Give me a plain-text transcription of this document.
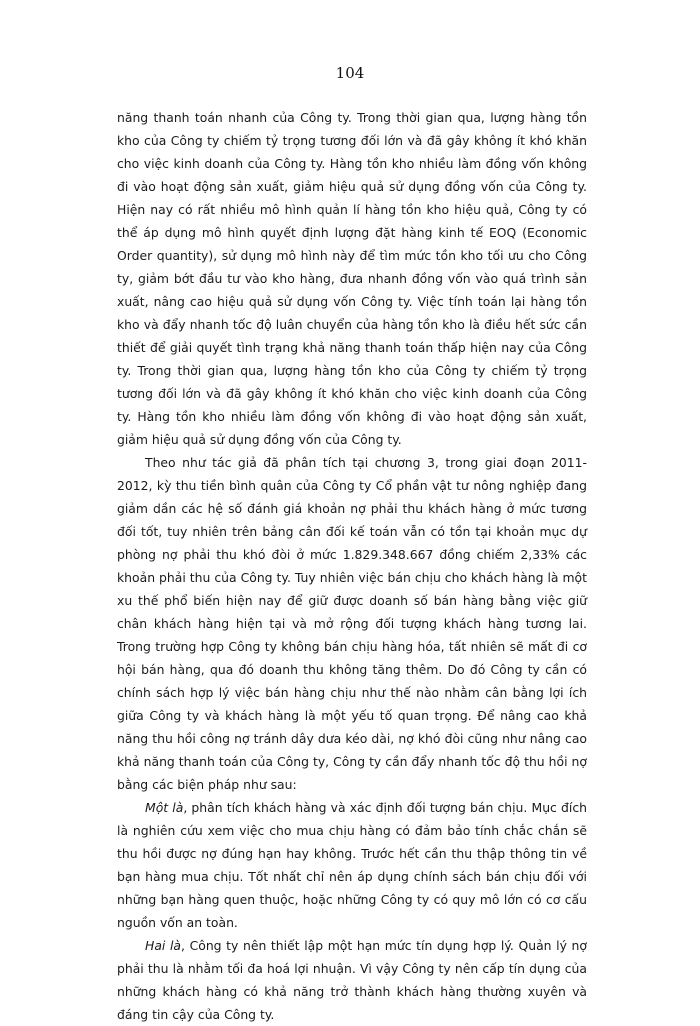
104

năng thanh toán nhanh của Công ty. Trong thời gian qua, lượng hàng tồn kho của Công ty chiếm tỷ trọng tương đối lớn và đã gây không ít khó khăn cho việc kinh doanh của Công ty. Hàng tồn kho nhiều làm đồng vốn không đi vào hoạt động sản xuất, giảm hiệu quả sử dụng đồng vốn của Công ty. Hiện nay có rất nhiều mô hình quản lí hàng tồn kho hiệu quả, Công ty có thể áp dụng mô hình quyết định lượng đặt hàng kinh tế EOQ (Economic Order quantity), sử dụng mô hình này để tìm mức tồn kho tối ưu cho Công ty, giảm bớt đầu tư vào kho hàng, đưa nhanh đồng vốn vào quá trình sản xuất, nâng cao hiệu quả sử dụng vốn Công ty. Việc tính toán lại hàng tồn kho và đẩy nhanh tốc độ luân chuyển của hàng tồn kho là điều hết sức cần thiết để giải quyết tình trạng khả năng thanh toán thấp hiện nay của Công ty. Trong thời gian qua, lượng hàng tồn kho của Công ty chiếm tỷ trọng tương đối lớn và đã gây không ít khó khăn cho việc kinh doanh của Công ty. Hàng tồn kho nhiều làm đồng vốn không đi vào hoạt động sản xuất, giảm hiệu quả sử dụng đồng vốn của Công ty.

Theo như tác giả đã phân tích tại chương 3, trong giai đoạn 2011-2012, kỳ thu tiền bình quân của Công ty Cổ phần vật tư nông nghiệp đang giảm dần các hệ số đánh giá khoản nợ phải thu khách hàng ở mức tương đối tốt, tuy nhiên trên bảng cân đối kế toán vẫn có tồn tại khoản mục dự phòng nợ phải thu khó đòi ở mức 1.829.348.667 đồng chiếm 2,33% các khoản phải thu của Công ty. Tuy nhiên việc bán chịu cho khách hàng là một xu thế phổ biến hiện nay để giữ được doanh số bán hàng bằng việc giữ chân khách hàng hiện tại và mở rộng đối tượng khách hàng tương lai. Trong trường hợp Công ty không bán chịu hàng hóa, tất nhiên sẽ mất đi cơ hội bán hàng, qua đó doanh thu không tăng thêm. Do đó Công ty cần có chính sách hợp lý việc bán hàng chịu như thế nào nhằm cân bằng lợi ích giữa Công ty và khách hàng là một yếu tố quan trọng. Để nâng cao khả năng thu hồi công nợ tránh dây dưa kéo dài, nợ khó đòi cũng như nâng cao khả năng thanh toán của Công ty, Công ty cần đẩy nhanh tốc độ thu hồi nợ bằng các biện pháp như sau:

Một là, phân tích khách hàng và xác định đối tượng bán chịu. Mục đích là nghiên cứu xem việc cho mua chịu hàng có đảm bảo tính chắc chắn sẽ thu hồi được nợ đúng hạn hay không. Trước hết cần thu thập thông tin về bạn hàng mua chịu. Tốt nhất chỉ nên áp dụng chính sách bán chịu đối với những bạn hàng quen thuộc, hoặc những Công ty có quy mô lớn có cơ cấu nguồn vốn an toàn.

Hai là, Công ty nên thiết lập một hạn mức tín dụng hợp lý. Quản lý nợ phải thu là nhằm tối đa hoá lợi nhuận. Vì vậy Công ty nên cấp tín dụng của những khách hàng có khả năng trở thành khách hàng thường xuyên và đáng tin cậy của Công ty.
